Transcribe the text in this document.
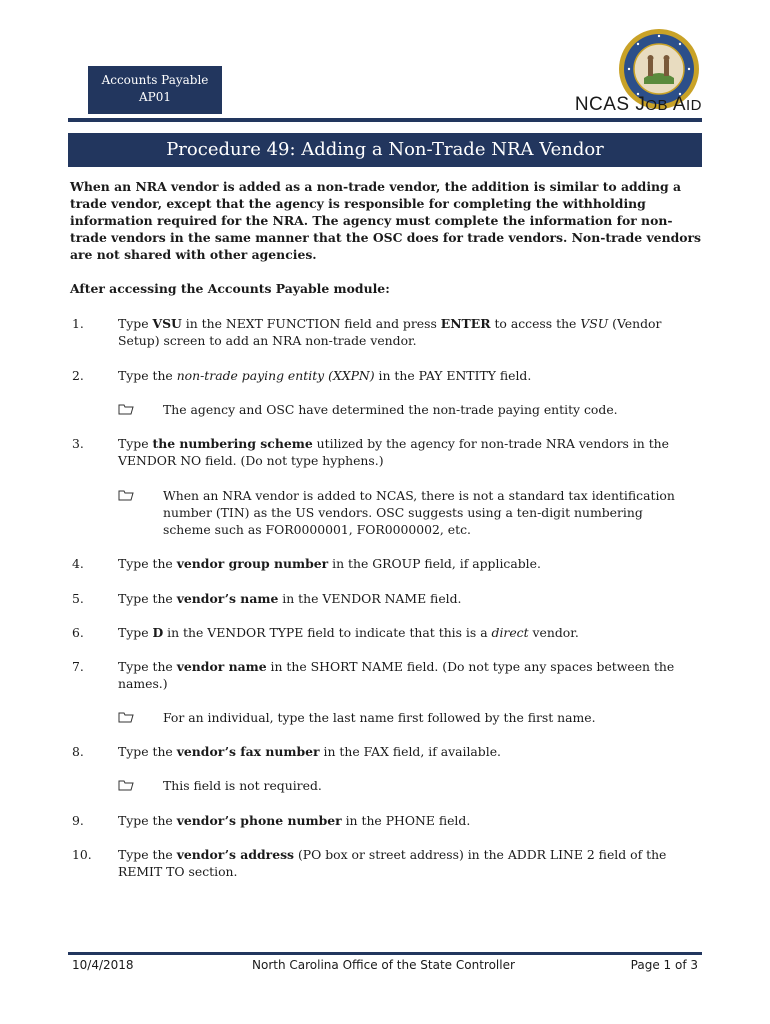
Accounts Payable
AP01	NCAS JOB AID
Procedure 49: Adding a Non-Trade NRA Vendor
When an NRA vendor is added as a non-trade vendor, the addition is similar to adding a trade vendor, except that the agency is responsible for completing the withholding information required for the NRA. The agency must complete the information for non-trade vendors in the same manner that the OSC does for trade vendors. Non-trade vendors are not shared with other agencies.
After accessing the Accounts Payable module:
1.	Type VSU in the NEXT FUNCTION field and press ENTER to access the VSU (Vendor Setup) screen to add an NRA non-trade vendor.
2.	Type the non-trade paying entity (XXPN) in the PAY ENTITY field.
The agency and OSC have determined the non-trade paying entity code.
3.	Type the numbering scheme utilized by the agency for non-trade NRA vendors in the VENDOR NO field. (Do not type hyphens.)
When an NRA vendor is added to NCAS, there is not a standard tax identification number (TIN) as the US vendors. OSC suggests using a ten-digit numbering scheme such as FOR0000001, FOR0000002, etc.
4.	Type the vendor group number in the GROUP field, if applicable.
5.	Type the vendor’s name in the VENDOR NAME field.
6.	Type D in the VENDOR TYPE field to indicate that this is a direct vendor.
7.	Type the vendor name in the SHORT NAME field. (Do not type any spaces between the names.)
For an individual, type the last name first followed by the first name.
8.	Type the vendor’s fax number in the FAX field, if available.
This field is not required.
9.	Type the vendor’s phone number in the PHONE field.
10. Type the vendor’s address (PO box or street address) in the ADDR LINE 2 field of the REMIT TO section.
10/4/2018	North Carolina Office of the State Controller	Page 1 of 3
